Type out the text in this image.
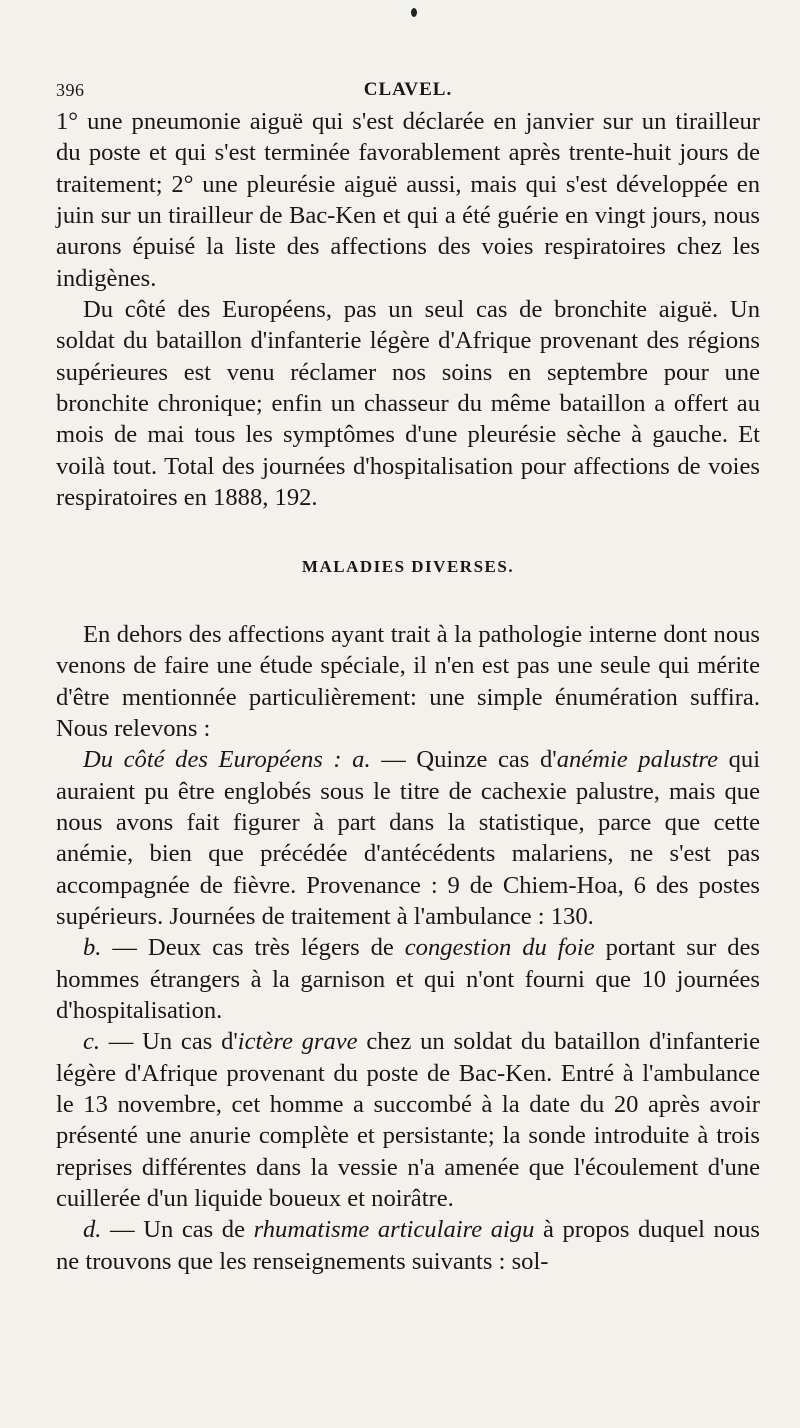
396	CLAVEL.

1° une pneumonie aiguë qui s'est déclarée en janvier sur un tirailleur du poste et qui s'est terminée favorablement après trente-huit jours de traitement; 2° une pleurésie aiguë aussi, mais qui s'est développée en juin sur un tirailleur de Bac-Ken et qui a été guérie en vingt jours, nous aurons épuisé la liste des affections des voies respiratoires chez les indigènes.

Du côté des Européens, pas un seul cas de bronchite aiguë. Un soldat du bataillon d'infanterie légère d'Afrique provenant des régions supérieures est venu réclamer nos soins en septembre pour une bronchite chronique; enfin un chasseur du même bataillon a offert au mois de mai tous les symptômes d'une pleurésie sèche à gauche. Et voilà tout. Total des journées d'hospitalisation pour affections de voies respiratoires en 1888, 192.

MALADIES DIVERSES.

En dehors des affections ayant trait à la pathologie interne dont nous venons de faire une étude spéciale, il n'en est pas une seule qui mérite d'être mentionnée particulièrement: une simple énumération suffira. Nous relevons :

Du côté des Européens : a. — Quinze cas d'anémie palustre qui auraient pu être englobés sous le titre de cachexie palustre, mais que nous avons fait figurer à part dans la statistique, parce que cette anémie, bien que précédée d'antécédents malariens, ne s'est pas accompagnée de fièvre. Provenance : 9 de Chiem-Hoa, 6 des postes supérieurs. Journées de traitement à l'ambulance : 130.

b. — Deux cas très légers de congestion du foie portant sur des hommes étrangers à la garnison et qui n'ont fourni que 10 journées d'hospitalisation.

c. — Un cas d'ictère grave chez un soldat du bataillon d'infanterie légère d'Afrique provenant du poste de Bac-Ken. Entré à l'ambulance le 13 novembre, cet homme a succombé à la date du 20 après avoir présenté une anurie complète et persistante; la sonde introduite à trois reprises différentes dans la vessie n'a amenée que l'écoulement d'une cuillerée d'un liquide boueux et noirâtre.

d. — Un cas de rhumatisme articulaire aigu à propos duquel nous ne trouvons que les renseignements suivants : sol-
